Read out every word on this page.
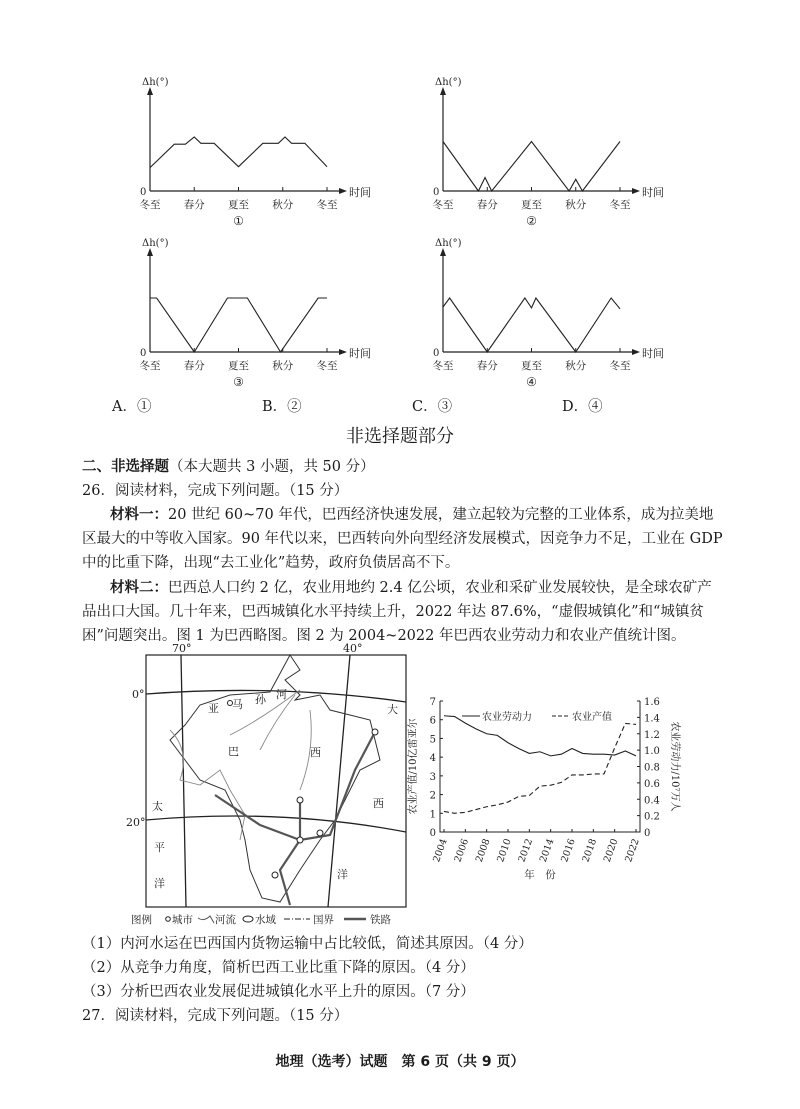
Δh(°)
时间
0
冬至 春分 夏至 秋分 冬至
①
Δh(°)
时间
0
冬至 春分 夏至 秋分 冬至
②
Δh(°)
时间
0
冬至 春分 夏至 秋分 冬至
③
Δh(°)
时间
0
冬至 春分 夏至 秋分 冬至
④
A．①	B．②	C．③	D．④
非选择题部分
二、非选择题（本大题共 3 小题，共 50 分）
26．阅读材料，完成下列问题。（15 分）
材料一：20 世纪 60~70 年代，巴西经济快速发展，建立起较为完整的工业体系，成为拉美地
区最大的中等收入国家。90 年代以来，巴西转向外向型经济发展模式，因竞争力不足，工业在 GDP
中的比重下降，出现“去工业化”趋势，政府负债居高不下。
材料二：巴西总人口约 2 亿，农业用地约 2.4 亿公顷，农业和采矿业发展较快，是全球农矿产
品出口大国。几十年来，巴西城镇化水平持续上升，2022 年达 87.6%，“虚假城镇化”和“城镇贫
困”问题突出。图 1 为巴西略图。图 2 为 2004~2022 年巴西农业劳动力和农业产值统计图。
70°	40°
0°
20°
亚 马 孙 河
巴	西
大
西
洋
太
平
洋
图例 城市 河流 水域	国界	铁路
0
1
2
3
4
5
6
7
0
0.2
0.4
0.6
0.8
1.0
1.2
1.4
1.6
2004 2006 2008 2010 2012 2014 2016 2018 2020 2022
年　份
农业产值/10亿雷亚尔	农业劳动力/10⁷万人
农业劳动力	农业产值
（1）内河水运在巴西国内货物运输中占比较低，简述其原因。（4 分）
（2）从竞争力角度，简析巴西工业比重下降的原因。（4 分）
（3）分析巴西农业发展促进城镇化水平上升的原因。（7 分）
27．阅读材料，完成下列问题。（15 分）
地理（选考）试题　第 6 页（共 9 页）
